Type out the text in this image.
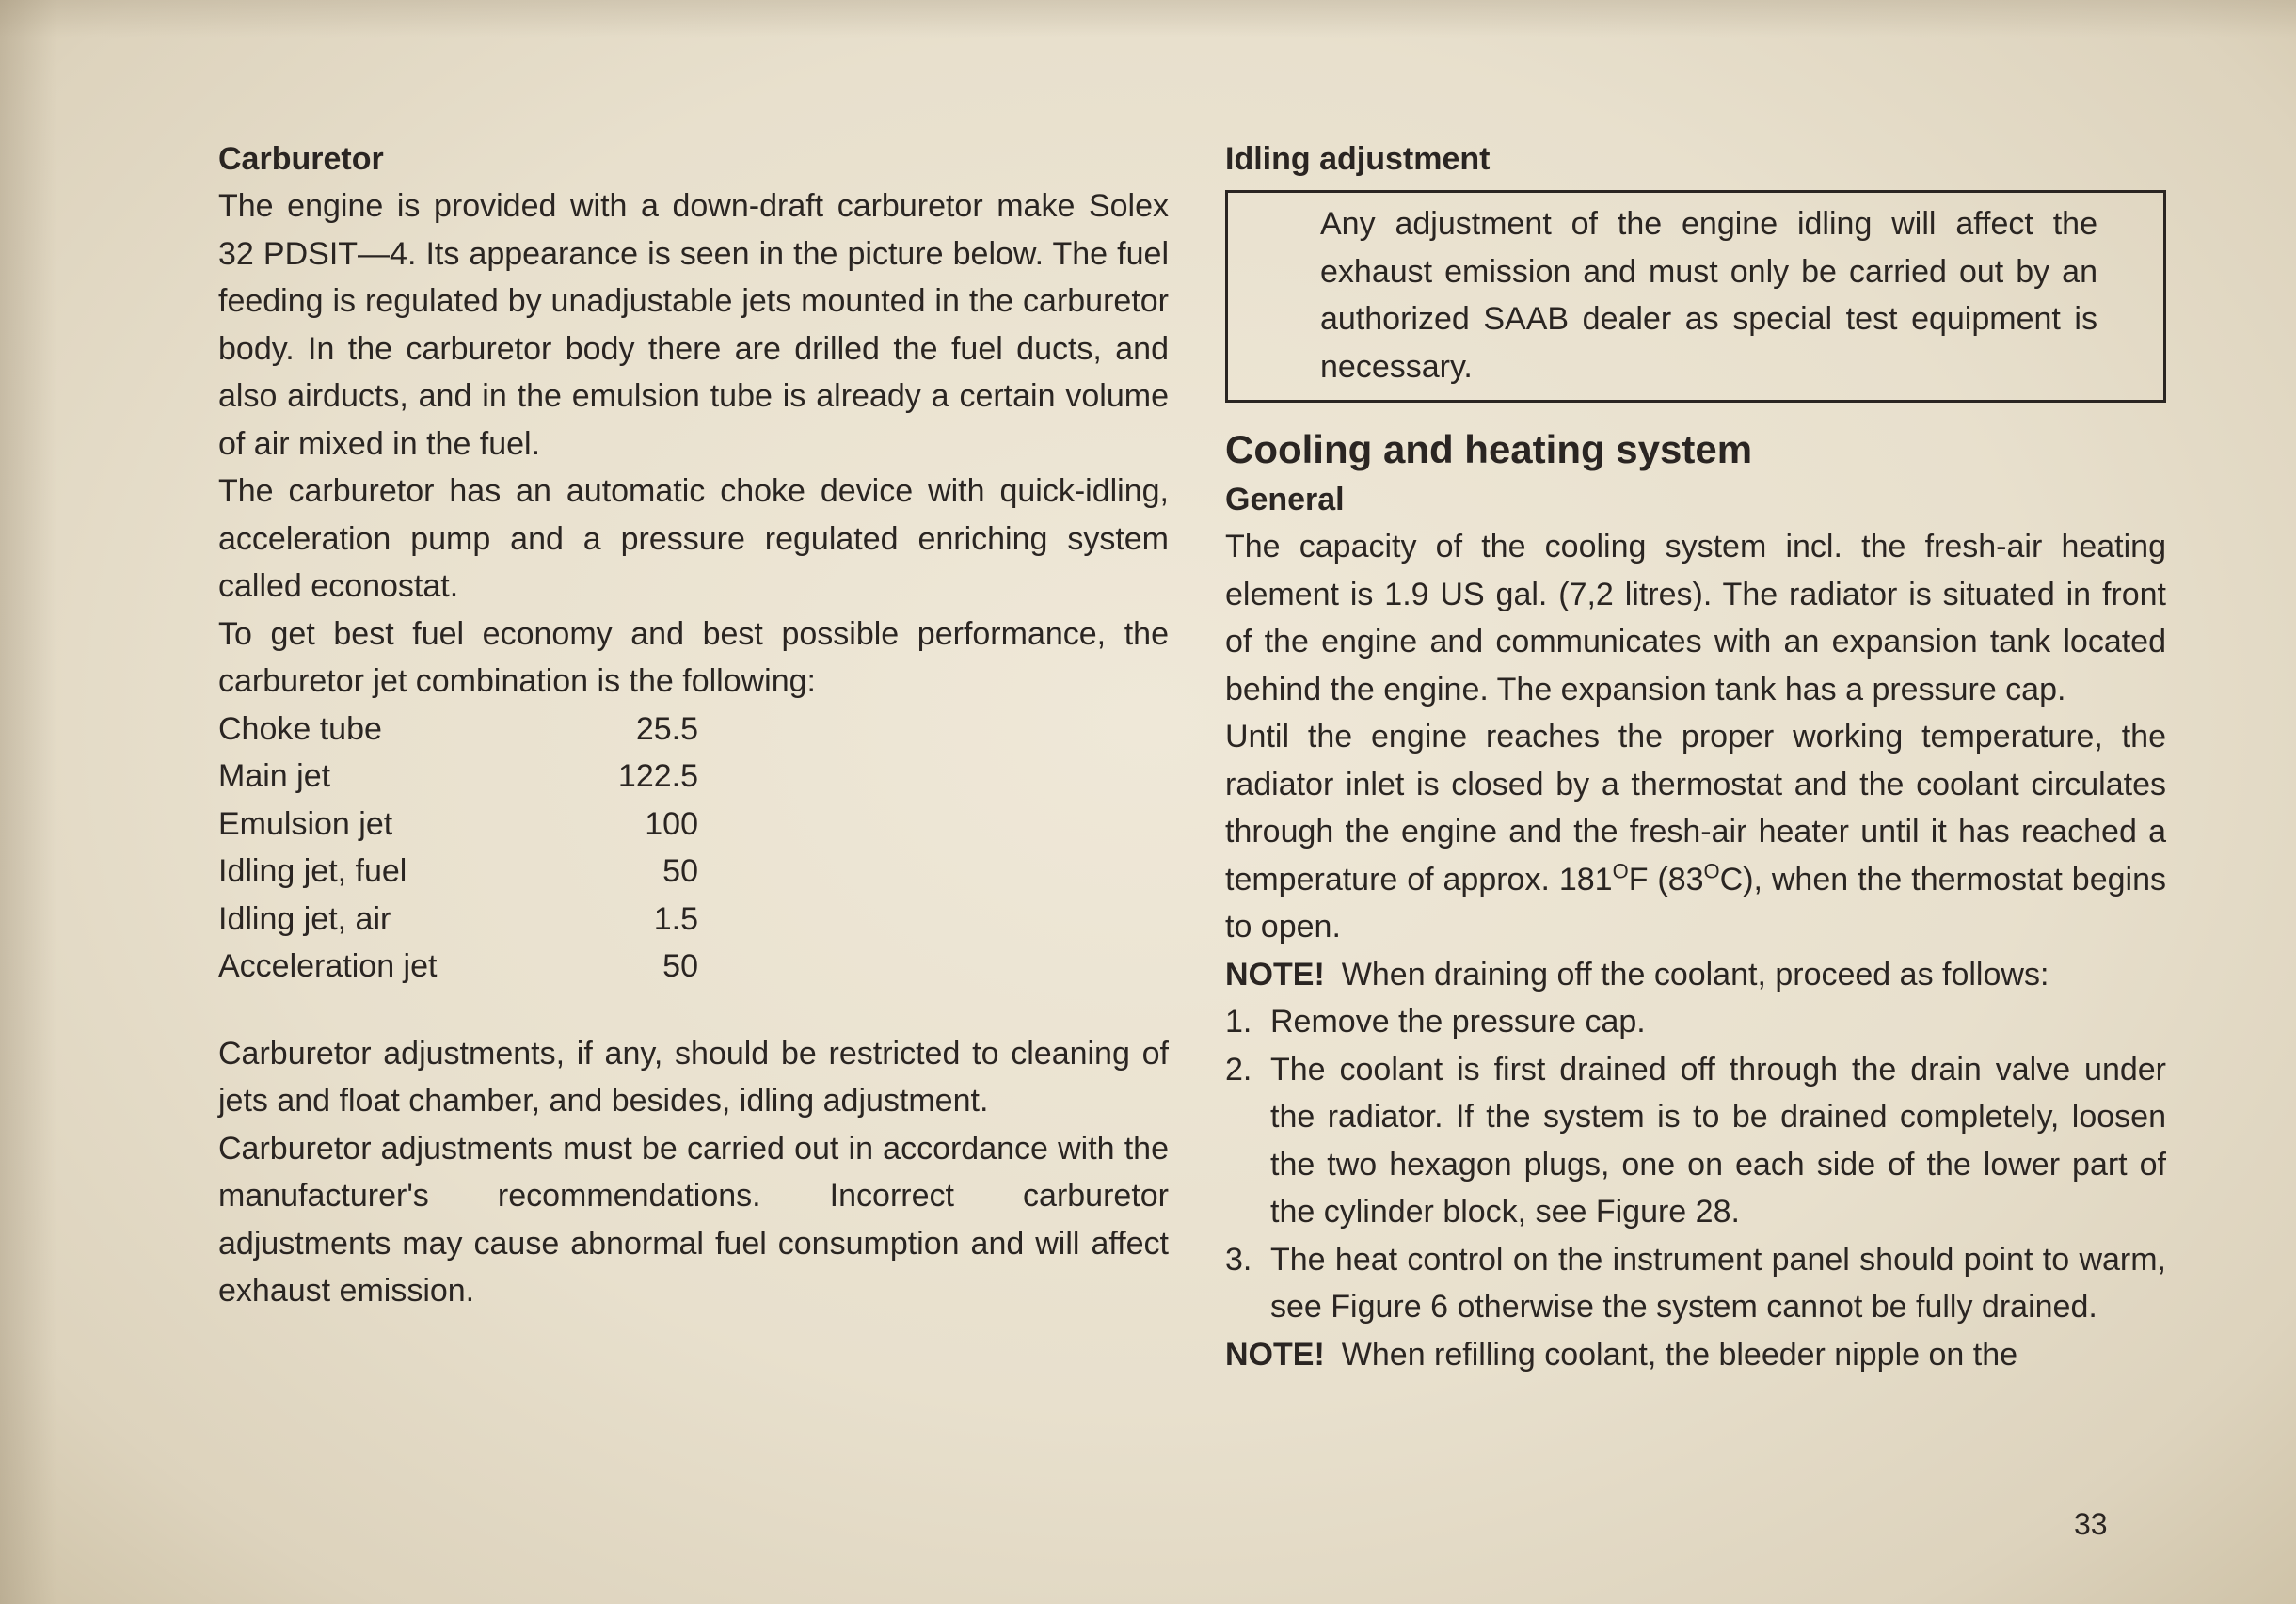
Carburetor

The engine is provided with a down-draft carburetor make Solex 32 PDSIT—4. Its appearance is seen in the picture below. The fuel feeding is regulated by unadjustable jets mounted in the carburetor body. In the carburetor body there are drilled the fuel ducts, and also airducts, and in the emulsion tube is already a certain volume of air mixed in the fuel.

The carburetor has an automatic choke device with quick-idling, acceleration pump and a pressure regulated enriching system called econostat.

To get best fuel economy and best possible performance, the carburetor jet combination is the following:

Choke tube	25.5
Main jet	122.5
Emulsion jet	100
Idling jet, fuel	50
Idling jet, air	1.5
Acceleration jet	50

Carburetor adjustments, if any, should be restricted to cleaning of jets and float chamber, and besides, idling adjustment.

Carburetor adjustments must be carried out in accordance with the manufacturer's recommendations. Incorrect carburetor adjustments may cause abnormal fuel consumption and will affect exhaust emission.

Idling adjustment
Any adjustment of the engine idling will affect the exhaust emission and must only be carried out by an authorized SAAB dealer as special test equipment is necessary.
Cooling and heating system
General

The capacity of the cooling system incl. the fresh-air heating element is 1.9 US gal. (7,2 litres). The radiator is situated in front of the engine and communicates with an expansion tank located behind the engine. The expansion tank has a pressure cap.

Until the engine reaches the proper working temperature, the radiator inlet is closed by a thermostat and the coolant circulates through the engine and the fresh-air heater until it has reached a temperature of approx. $181^OF$ $(83^OC)$, when the thermostat begins to open.

NOTE! When draining off the coolant, proceed as follows:
1. Remove the pressure cap.
2. The coolant is first drained off through the drain valve under the radiator. If the system is to be drained completely, loosen the two hexagon plugs, one on each side of the lower part of the cylinder block, see Figure 28.
3. The heat control on the instrument panel should point to warm, see Figure 6 otherwise the system cannot be fully drained.
NOTE! When refilling coolant, the bleeder nipple on the
33
